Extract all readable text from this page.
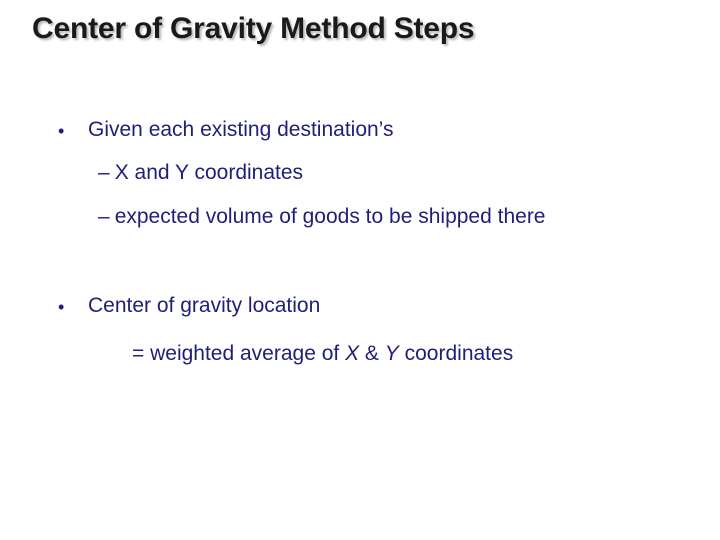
Center of Gravity Method Steps
• Given each existing destination’s
– X and Y coordinates
– expected volume of goods to be shipped there
• Center of gravity location
= weighted average of X & Y coordinates
